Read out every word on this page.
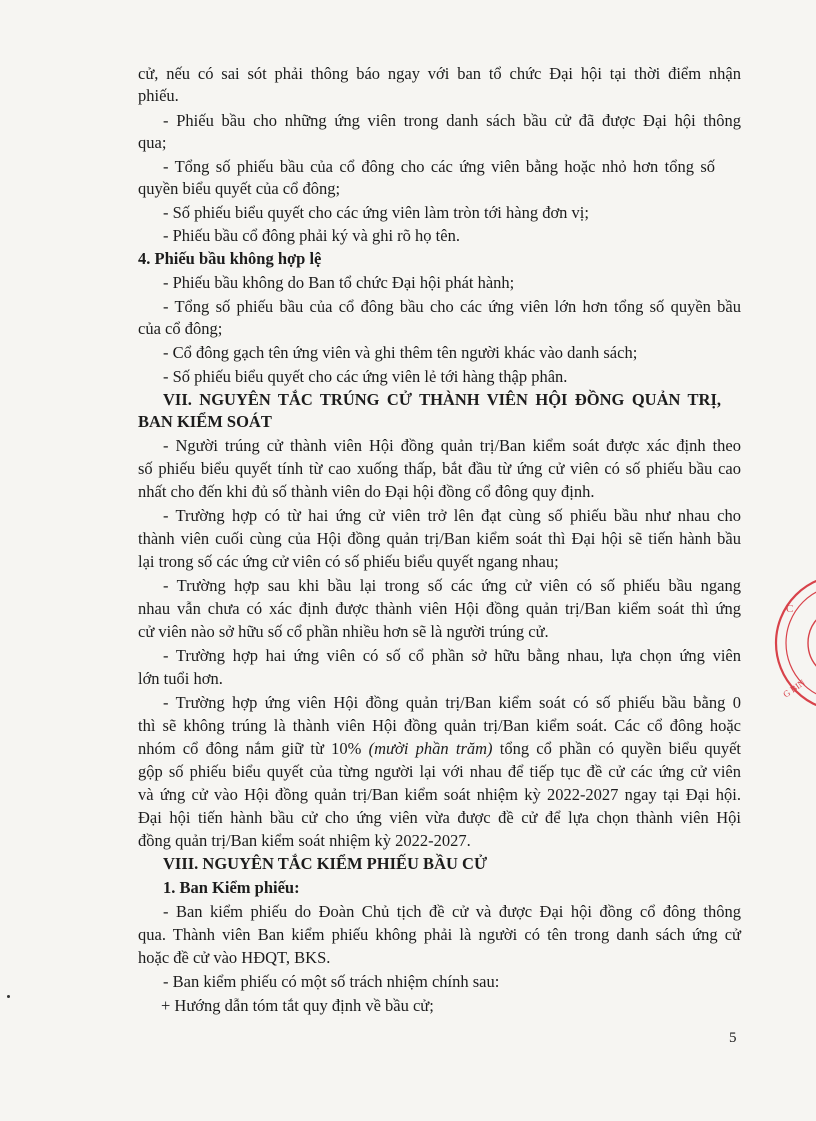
cử, nếu có sai sót phải thông báo ngay với ban tổ chức Đại hội tại thời điểm nhận

phiếu.

- Phiếu bầu cho những ứng viên trong danh sách bầu cử đã được Đại hội thông

qua;

- Tổng số phiếu bầu của cổ đông cho các ứng viên bằng hoặc nhỏ hơn tổng số

quyền biểu quyết của cổ đông;

- Số phiếu biểu quyết cho các ứng viên làm tròn tới hàng đơn vị;

- Phiếu bầu cổ đông phải ký và ghi rõ họ tên.

4. Phiếu bầu không hợp lệ

- Phiếu bầu không do Ban tổ chức Đại hội phát hành;

- Tổng số phiếu bầu của cổ đông bầu cho các ứng viên lớn hơn tổng số quyền bầu

của cổ đông;

- Cổ đông gạch tên ứng viên và ghi thêm tên người khác vào danh sách;

- Số phiếu biểu quyết cho các ứng viên lẻ tới hàng thập phân.

VII. NGUYÊN TẮC TRÚNG CỬ THÀNH VIÊN HỘI ĐỒNG QUẢN TRỊ,

BAN KIỂM SOÁT

- Người trúng cử thành viên Hội đồng quản trị/Ban kiểm soát được xác định theo

số phiếu biểu quyết tính từ cao xuống thấp, bắt đầu từ ứng cử viên có số phiếu bầu cao

nhất cho đến khi đủ số thành viên do Đại hội đồng cổ đông quy định.

- Trường hợp có từ hai ứng cử viên trở lên đạt cùng số phiếu bầu như nhau cho

thành viên cuối cùng của Hội đồng quản trị/Ban kiểm soát thì Đại hội sẽ tiến hành bầu

lại trong số các ứng cử viên có số phiếu biểu quyết ngang nhau;

- Trường hợp sau khi bầu lại trong số các ứng cử viên có số phiếu bầu ngang

nhau vẫn chưa có xác định được thành viên Hội đồng quản trị/Ban kiểm soát thì ứng

cử viên nào sở hữu số cổ phần nhiều hơn sẽ là người trúng cử.

- Trường hợp hai ứng viên có số cổ phần sở hữu bằng nhau, lựa chọn ứng viên

lớn tuổi hơn.

- Trường hợp ứng viên Hội đồng quản trị/Ban kiểm soát có số phiếu bầu bằng 0

thì sẽ không trúng là thành viên Hội đồng quản trị/Ban kiểm soát. Các cổ đông hoặc

nhóm cổ đông nắm giữ từ 10% (mười phần trăm) tổng cổ phần có quyền biểu quyết

gộp số phiếu biểu quyết của từng người lại với nhau để tiếp tục đề cử các ứng cử viên

và ứng cử vào Hội đồng quản trị/Ban kiểm soát nhiệm kỳ 2022-2027 ngay tại Đại hội.

Đại hội tiến hành bầu cử cho ứng viên vừa được đề cử để lựa chọn thành viên Hội

đồng quản trị/Ban kiểm soát nhiệm kỳ 2022-2027.

VIII. NGUYÊN TẮC KIỂM PHIẾU BẦU CỬ

1. Ban Kiểm phiếu:

- Ban kiểm phiếu do Đoàn Chủ tịch đề cử và được Đại hội đồng cổ đông thông

qua. Thành viên Ban kiểm phiếu không phải là người có tên trong danh sách ứng cử

hoặc đề cử vào HĐQT, BKS.

- Ban kiểm phiếu có một số trách nhiệm chính sau:

+ Hướng dẫn tóm tắt quy định về bầu cử;

5
C
G BIN
